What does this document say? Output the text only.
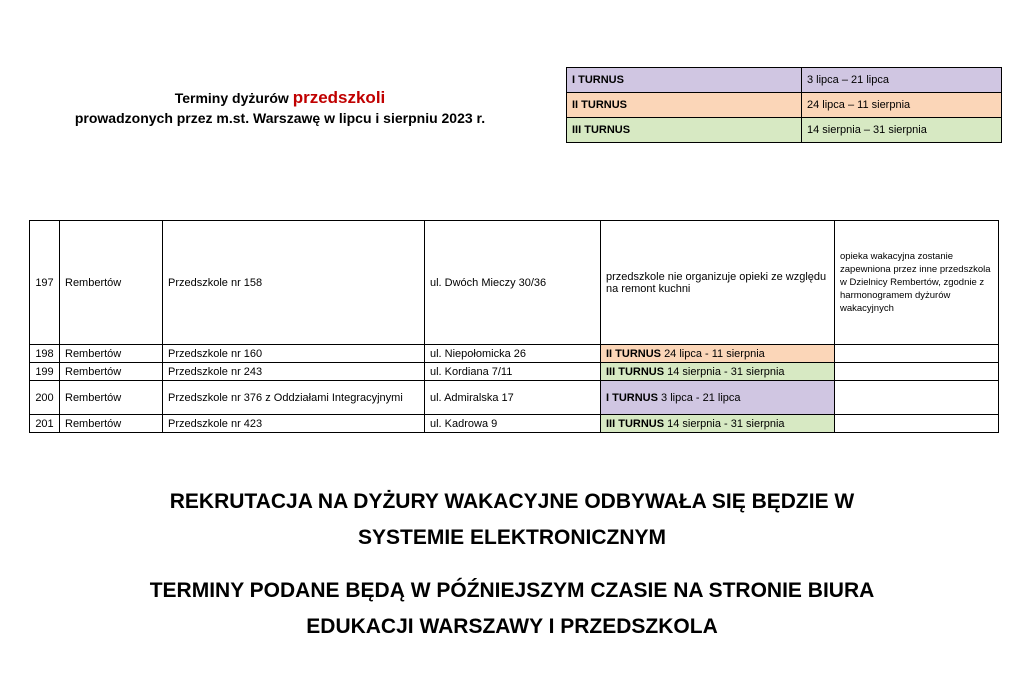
Terminy dyżurów przedszkoli
prowadzonych przez m.st. Warszawę w lipcu i sierpniu 2023 r.
I TURNUS	3 lipca – 21 lipca
II TURNUS	24 lipca – 11 sierpnia
III TURNUS	14 sierpnia – 31 sierpnia
197	Rembertów	Przedszkole nr 158	ul. Dwóch Mieczy 30/36	przedszkole nie organizuje opieki ze względu na remont kuchni	opieka wakacyjna zostanie zapewniona przez inne przedszkola w Dzielnicy Rembertów, zgodnie z harmonogramem dyżurów wakacyjnych
198	Rembertów	Przedszkole nr 160	ul. Niepołomicka 26	II TURNUS 24 lipca - 11 sierpnia	
199	Rembertów	Przedszkole nr 243	ul. Kordiana 7/11	III TURNUS 14 sierpnia - 31 sierpnia	
200	Rembertów	Przedszkole nr 376 z Oddziałami Integracyjnymi	ul. Admiralska 17	I TURNUS 3 lipca - 21 lipca	
201	Rembertów	Przedszkole nr 423	ul. Kadrowa 9	III TURNUS 14 sierpnia - 31 sierpnia	
REKRUTACJA NA DYŻURY WAKACYJNE ODBYWAŁA SIĘ BĘDZIE W
SYSTEMIE ELEKTRONICZNYM
TERMINY PODANE BĘDĄ W PÓŹNIEJSZYM CZASIE NA STRONIE BIURA
EDUKACJI WARSZAWY I PRZEDSZKOLA
